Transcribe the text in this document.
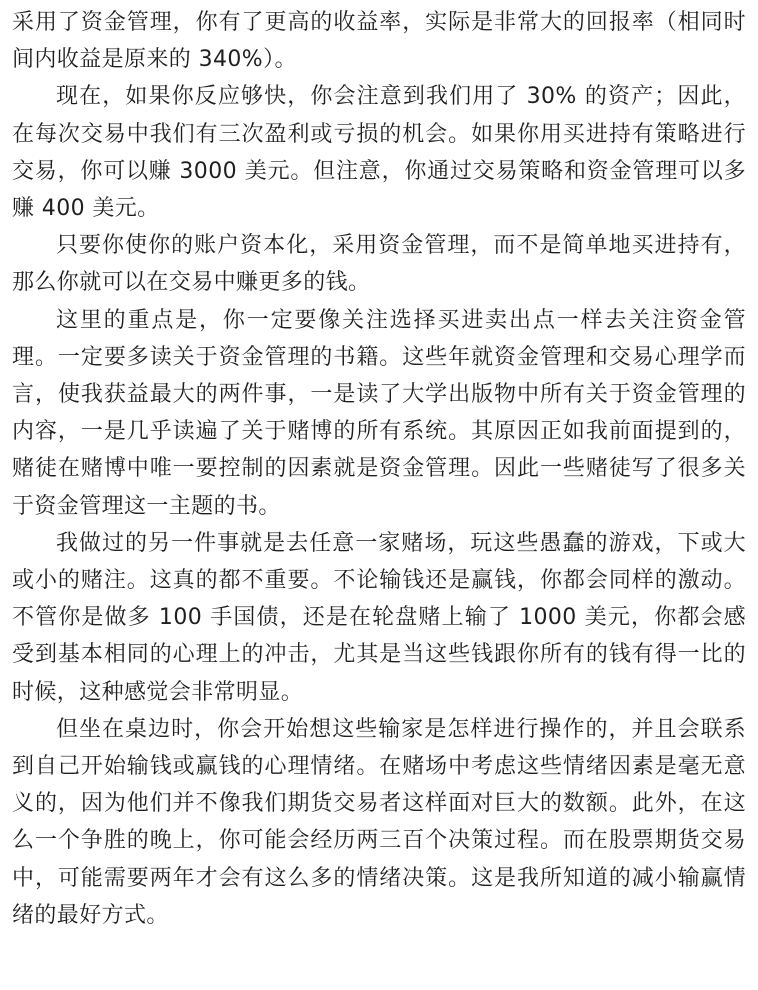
采用了资金管理，你有了更高的收益率，实际是非常大的回报率（相同时间内收益是原来的 340%）。

现在，如果你反应够快，你会注意到我们用了 30% 的资产；因此，在每次交易中我们有三次盈利或亏损的机会。如果你用买进持有策略进行交易，你可以赚 3000 美元。但注意，你通过交易策略和资金管理可以多赚 400 美元。

只要你使你的账户资本化，采用资金管理，而不是简单地买进持有，那么你就可以在交易中赚更多的钱。

这里的重点是，你一定要像关注选择买进卖出点一样去关注资金管理。一定要多读关于资金管理的书籍。这些年就资金管理和交易心理学而言，使我获益最大的两件事，一是读了大学出版物中所有关于资金管理的内容，一是几乎读遍了关于赌博的所有系统。其原因正如我前面提到的，赌徒在赌博中唯一要控制的因素就是资金管理。因此一些赌徒写了很多关于资金管理这一主题的书。

我做过的另一件事就是去任意一家赌场，玩这些愚蠢的游戏，下或大或小的赌注。这真的都不重要。不论输钱还是赢钱，你都会同样的激动。不管你是做多 100 手国债，还是在轮盘赌上输了 1000 美元，你都会感受到基本相同的心理上的冲击，尤其是当这些钱跟你所有的钱有得一比的时候，这种感觉会非常明显。

但坐在桌边时，你会开始想这些输家是怎样进行操作的，并且会联系到自己开始输钱或赢钱的心理情绪。在赌场中考虑这些情绪因素是毫无意义的，因为他们并不像我们期货交易者这样面对巨大的数额。此外，在这么一个争胜的晚上，你可能会经历两三百个决策过程。而在股票期货交易中，可能需要两年才会有这么多的情绪决策。这是我所知道的减小输赢情绪的最好方式。
